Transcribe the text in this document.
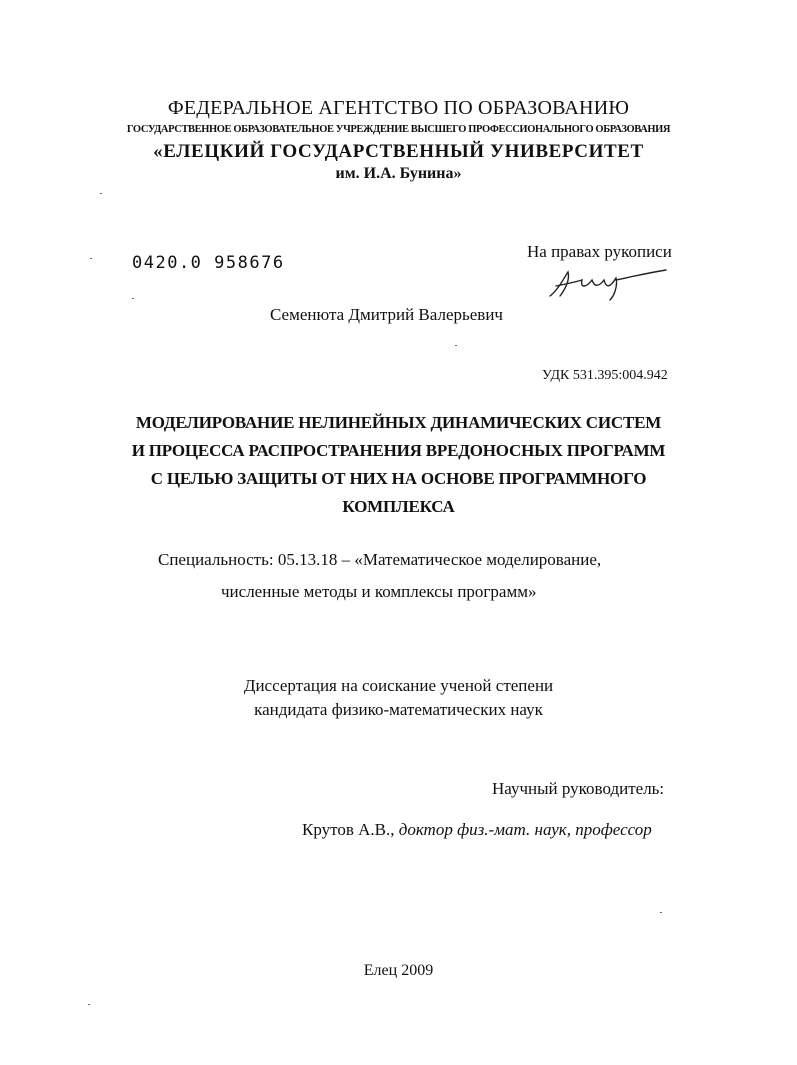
ФЕДЕРАЛЬНОЕ АГЕНТСТВО ПО ОБРАЗОВАНИЮ
ГОСУДАРСТВЕННОЕ ОБРАЗОВАТЕЛЬНОЕ УЧРЕЖДЕНИЕ ВЫСШЕГО ПРОФЕССИОНАЛЬНОГО ОБРАЗОВАНИЯ
«ЕЛЕЦКИЙ ГОСУДАРСТВЕННЫЙ УНИВЕРСИТЕТ
им. И.А. Бунина»
0420.0 958676
На правах рукописи
Семенюта Дмитрий Валерьевич
УДК 531.395:004.942
МОДЕЛИРОВАНИЕ НЕЛИНЕЙНЫХ ДИНАМИЧЕСКИХ СИСТЕМ
И ПРОЦЕССА РАСПРОСТРАНЕНИЯ ВРЕДОНОСНЫХ ПРОГРАММ
С ЦЕЛЬЮ ЗАЩИТЫ ОТ НИХ НА ОСНОВЕ ПРОГРАММНОГО
КОМПЛЕКСА
Специальность: 05.13.18 – «Математическое моделирование,
численные методы и комплексы программ»
Диссертация на соискание ученой степени
кандидата физико-математических наук
Научный руководитель:
Крутов А.В., доктор физ.-мат. наук, профессор
Елец 2009
